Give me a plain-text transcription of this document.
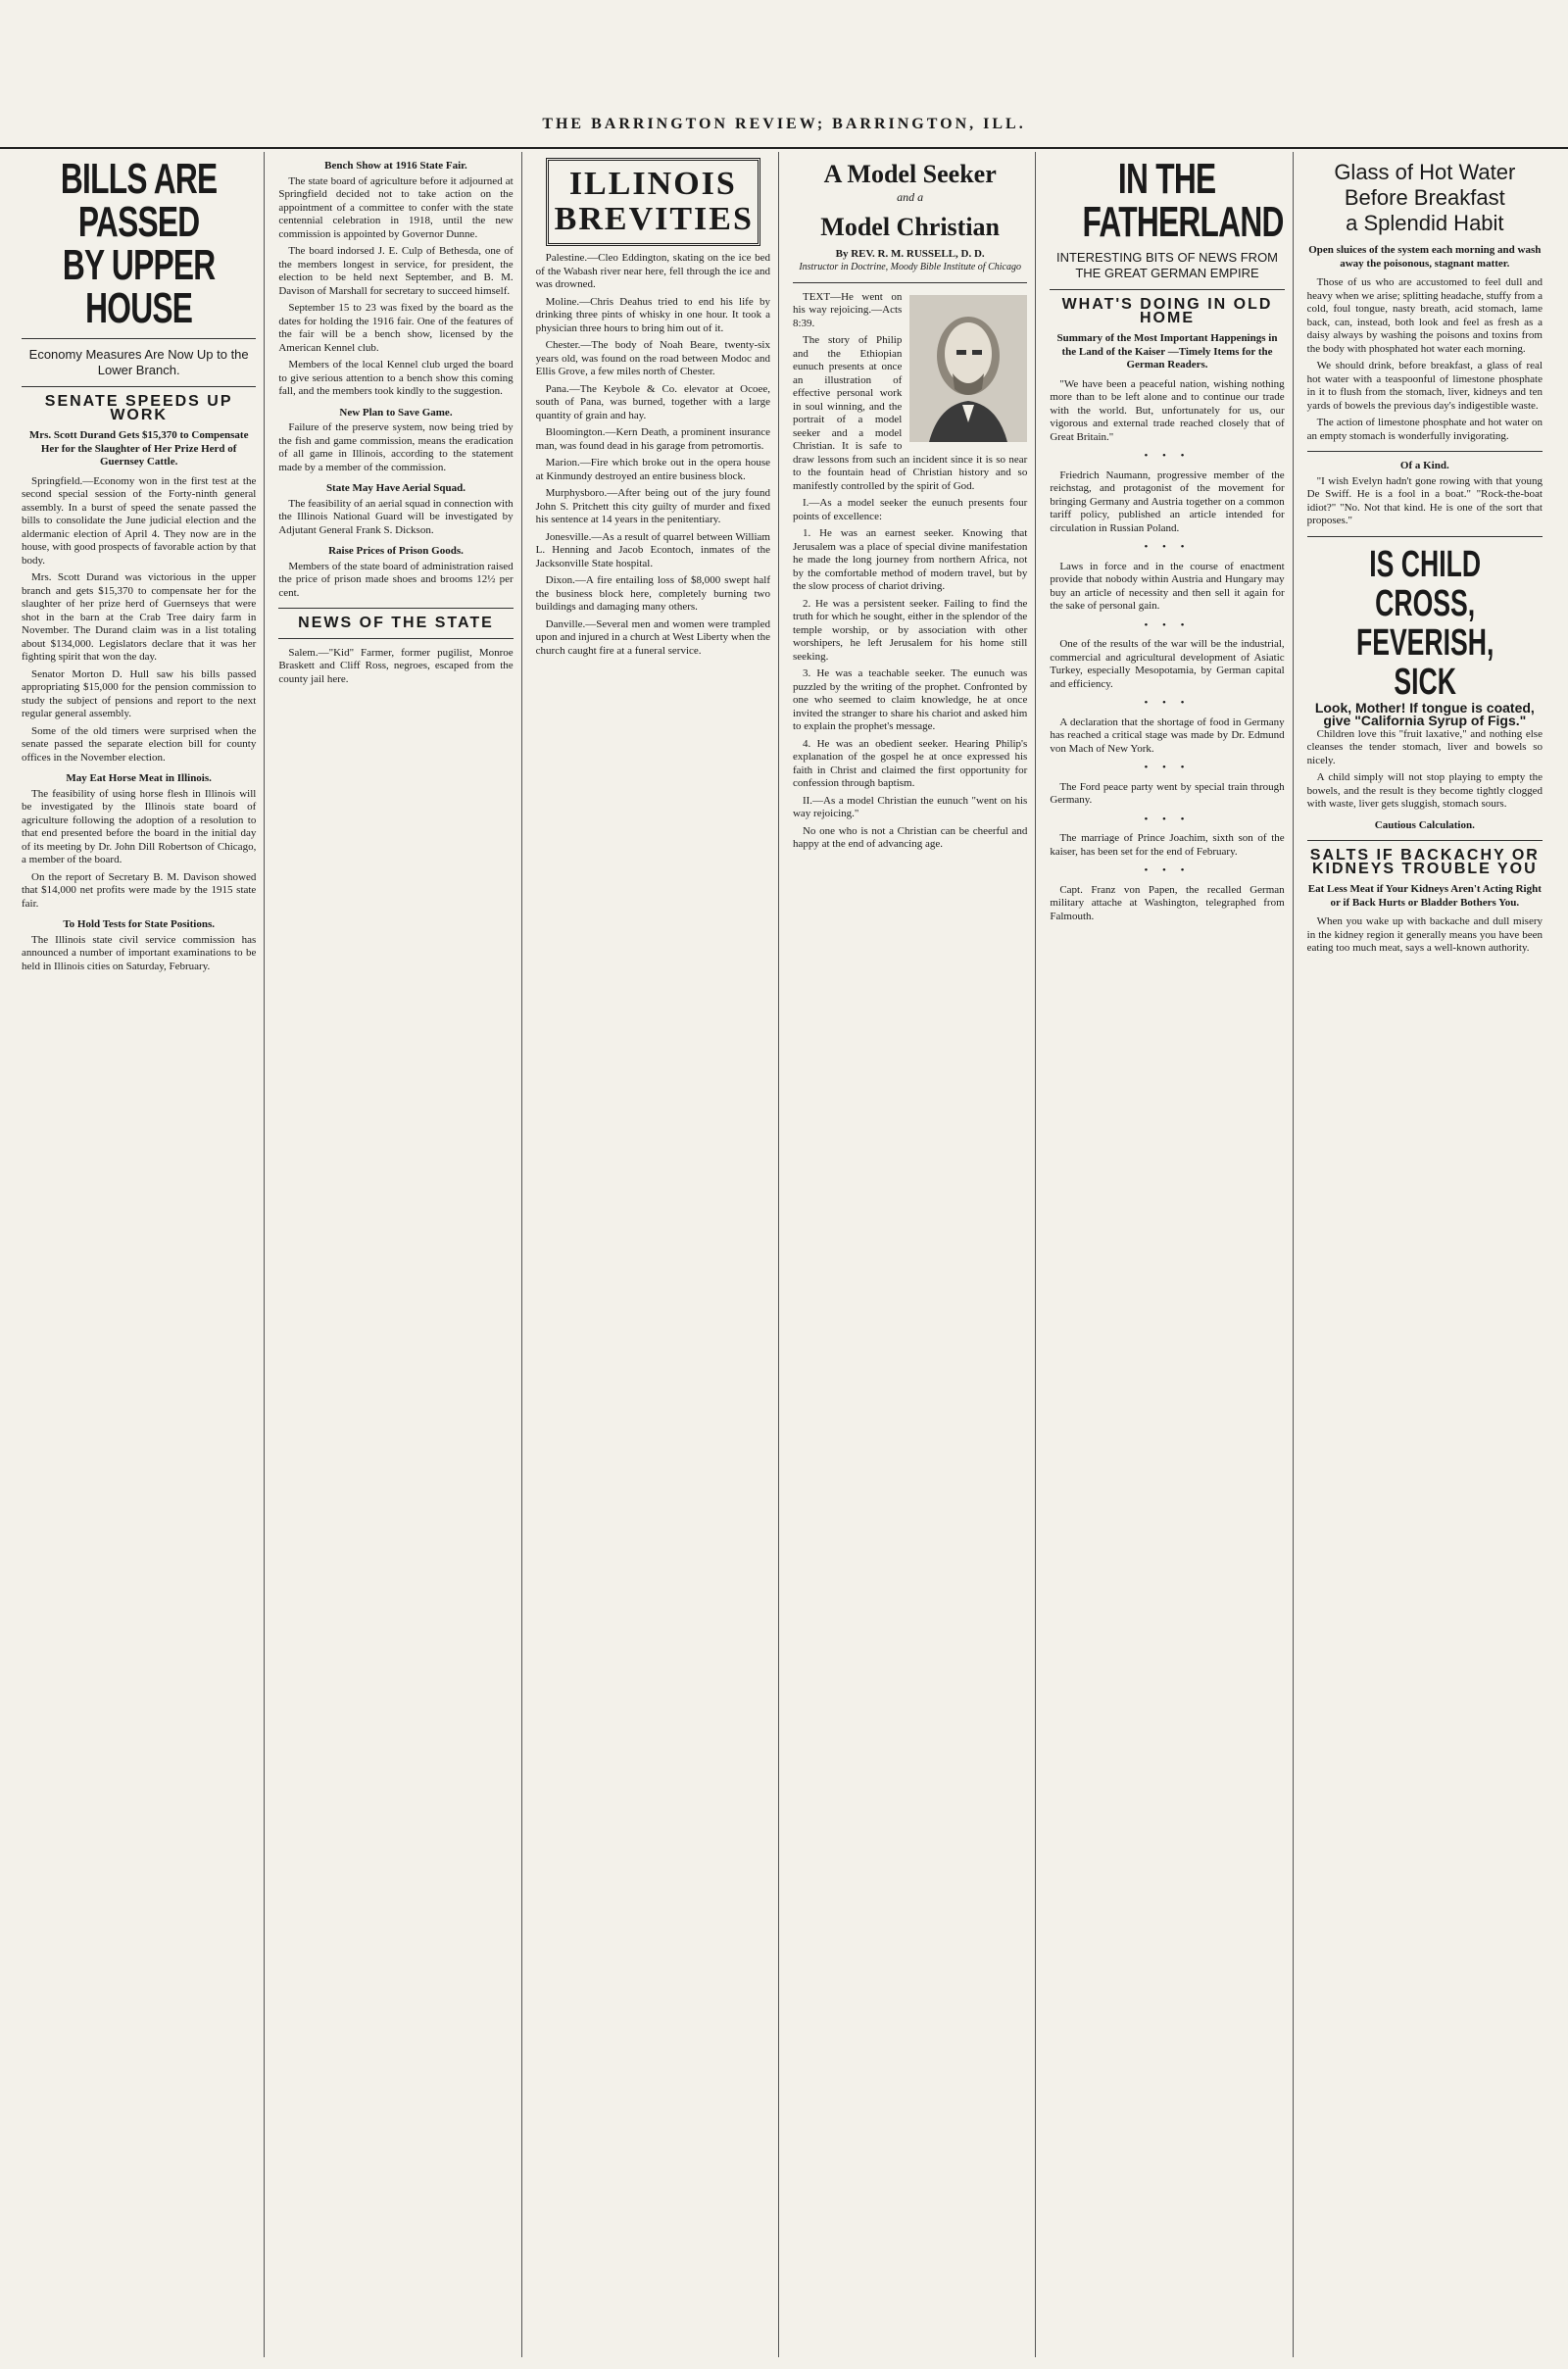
THE BARRINGTON REVIEW; BARRINGTON, ILL.
BILLS ARE PASSED BY UPPER HOUSE
Economy Measures Are Now Up to the Lower Branch.
SENATE SPEEDS UP WORK
Mrs. Scott Durand Gets $15,370 to Compensate Her for the Slaughter of Her Prize Herd of Guernsey Cattle.

Springfield.—Economy won in the first test at the second special session of the Forty-ninth general assembly. In a burst of speed the senate passed the bills to consolidate the June judicial election and the aldermanic election of April 4. They now are in the house, with good prospects of favorable action by that body.

Mrs. Scott Durand was victorious in the upper branch and gets $15,370 to compensate her for the slaughter of her prize herd of Guernseys that were shot in the barn at the Crab Tree dairy farm in November. The Durand claim was in a list totaling about $134,000. Legislators declare that it was her fighting spirit that won the day.

Senator Morton D. Hull saw his bills passed appropriating $15,000 for the pension commission to study the subject of pensions and report to the next regular general assembly.

Some of the old timers were surprised when the senate passed the separate election bill for county offices in the November election.

May Eat Horse Meat in Illinois.

The feasibility of using horse flesh in Illinois will be investigated by the Illinois state board of agriculture following the adoption of a resolution to that end presented before the board in the initial day of its meeting by Dr. John Dill Robertson of Chicago, a member of the board.

On the report of Secretary B. M. Davison showed that $14,000 net profits were made by the 1915 state fair.

To Hold Tests for State Positions.

The Illinois state civil service commission has announced a number of important examinations to be held in Illinois cities on Saturday, February.

Bench Show at 1916 State Fair.

The state board of agriculture before it adjourned at Springfield decided not to take action on the appointment of a committee to confer with the state centennial celebration in 1918, until the new commission is appointed by Governor Dunne.

The board indorsed J. E. Culp of Bethesda, one of the members longest in service, for president, the election to be held next September, and B. M. Davison of Marshall for secretary to succeed himself.

September 15 to 23 was fixed by the board as the dates for holding the 1916 fair. One of the features of the fair will be a bench show, licensed by the American Kennel club.

Members of the local Kennel club urged the board to give serious attention to a bench show this coming fall, and the members took kindly to the suggestion.

New Plan to Save Game.

Failure of the preserve system, now being tried by the fish and game commission, means the eradication of all game in Illinois, according to the statement made by a member of the commission.

State May Have Aerial Squad.

The feasibility of an aerial squad in connection with the Illinois National Guard will be investigated by Adjutant General Frank S. Dickson.

Raise Prices of Prison Goods.

Members of the state board of administration raised the price of prison made shoes and brooms 12½ per cent.

NEWS OF THE STATE

Salem.—"Kid" Farmer, former pugilist, Monroe Braskett and Cliff Ross, negroes, escaped from the county jail here.

ILLINOIS
BREVITIES

Palestine.—Cleo Eddington, skating on the ice bed of the Wabash river near here, fell through the ice and was drowned.

Moline.—Chris Deahus tried to end his life by drinking three pints of whisky in one hour. It took a physician three hours to bring him out of it.

Chester.—The body of Noah Beare, twenty-six years old, was found on the road between Modoc and Ellis Grove, a few miles north of Chester.

Pana.—The Keybole & Co. elevator at Ocoee, south of Pana, was burned, together with a large quantity of grain and hay.

Bloomington.—Kern Death, a prominent insurance man, was found dead in his garage from petromortis.

Marion.—Fire which broke out in the opera house at Kinmundy destroyed an entire business block.

Murphysboro.—After being out of the jury found John S. Pritchett this city guilty of murder and fixed his sentence at 14 years in the penitentiary.

Jonesville.—As a result of quarrel between William L. Henning and Jacob Econtoch, inmates of the Jacksonville State hospital.

Dixon.—A fire entailing loss of $8,000 swept half the business block here, completely burning two buildings and damaging many others.

Danville.—Several men and women were trampled upon and injured in a church at West Liberty when the church caught fire at a funeral service.

A Model Seeker
and a
Model Christian
By REV. R. M. RUSSELL, D. D.
Instructor in Doctrine, Moody Bible Institute of Chicago

TEXT—He went on his way rejoicing.—Acts 8:39.

The story of Philip and the Ethiopian eunuch presents at once an illustration of effective personal work in soul winning, and the portrait of a model seeker and a model Christian. It is safe to draw lessons from such an incident since it is so near to the fountain head of Christian history and so manifestly controlled by the spirit of God.

I.—As a model seeker the eunuch presents four points of excellence:

1. He was an earnest seeker. Knowing that Jerusalem was a place of special divine manifestation he made the long journey from northern Africa, not by the comfortable method of modern travel, but by the slow process of chariot driving.

2. He was a persistent seeker. Failing to find the truth for which he sought, either in the splendor of the temple worship, or by association with other worshipers, he left Jerusalem for his home still seeking.

3. He was a teachable seeker. The eunuch was puzzled by the writing of the prophet. Confronted by one who seemed to claim knowledge, he at once invited the stranger to share his chariot and asked him to explain the prophet's message.

4. He was an obedient seeker. Hearing Philip's explanation of the gospel he at once expressed his faith in Christ and claimed the first opportunity for confession through baptism.

II.—As a model Christian the eunuch "went on his way rejoicing."

No one who is not a Christian can be cheerful and happy at the end of advancing age.

IN THE FATHERLAND
INTERESTING BITS OF NEWS FROM THE GREAT GERMAN EMPIRE
WHAT'S DOING IN OLD HOME
Summary of the Most Important Happenings in the Land of the Kaiser —Timely Items for the German Readers.

"We have been a peaceful nation, wishing nothing more than to be left alone and to continue our trade with the world. But, unfortunately for us, our vigorous and external trade reached closely that of Great Britain."

• • •

Friedrich Naumann, progressive member of the reichstag, and protagonist of the movement for bringing Germany and Austria together on a common tariff policy, published an article intended for circulation in Russian Poland.

• • •

Laws in force and in the course of enactment provide that nobody within Austria and Hungary may buy an article of necessity and then sell it again for the sake of personal gain.

• • •

One of the results of the war will be the industrial, commercial and agricultural development of Asiatic Turkey, especially Mesopotamia, by German capital and efficiency.

• • •

A declaration that the shortage of food in Germany has reached a critical stage was made by Dr. Edmund von Mach of New York.

• • •

The Ford peace party went by special train through Germany.

• • •

The marriage of Prince Joachim, sixth son of the kaiser, has been set for the end of February.

• • •

Capt. Franz von Papen, the recalled German military attache at Washington, telegraphed from Falmouth.

Glass of Hot Water
Before Breakfast
a Splendid Habit
Open sluices of the system each morning and wash away the poisonous, stagnant matter.

Those of us who are accustomed to feel dull and heavy when we arise; splitting headache, stuffy from a cold, foul tongue, nasty breath, acid stomach, lame back, can, instead, both look and feel as fresh as a daisy always by washing the poisons and toxins from the body with phosphated hot water each morning.

We should drink, before breakfast, a glass of real hot water with a teaspoonful of limestone phosphate in it to flush from the stomach, liver, kidneys and ten yards of bowels the previous day's indigestible waste.

The action of limestone phosphate and hot water on an empty stomach is wonderfully invigorating.

Of a Kind.

"I wish Evelyn hadn't gone rowing with that young De Swiff. He is a fool in a boat." "Rock-the-boat idiot?" "No. Not that kind. He is one of the sort that proposes."

IS CHILD CROSS, FEVERISH, SICK
Look, Mother! If tongue is coated, give "California Syrup of Figs."

Children love this "fruit laxative," and nothing else cleanses the tender stomach, liver and bowels so nicely.

A child simply will not stop playing to empty the bowels, and the result is they become tightly clogged with waste, liver gets sluggish, stomach sours.

Cautious Calculation.
SALTS IF BACKACHY OR KIDNEYS TROUBLE YOU
Eat Less Meat if Your Kidneys Aren't Acting Right or if Back Hurts or Bladder Bothers You.

When you wake up with backache and dull misery in the kidney region it generally means you have been eating too much meat, says a well-known authority.
